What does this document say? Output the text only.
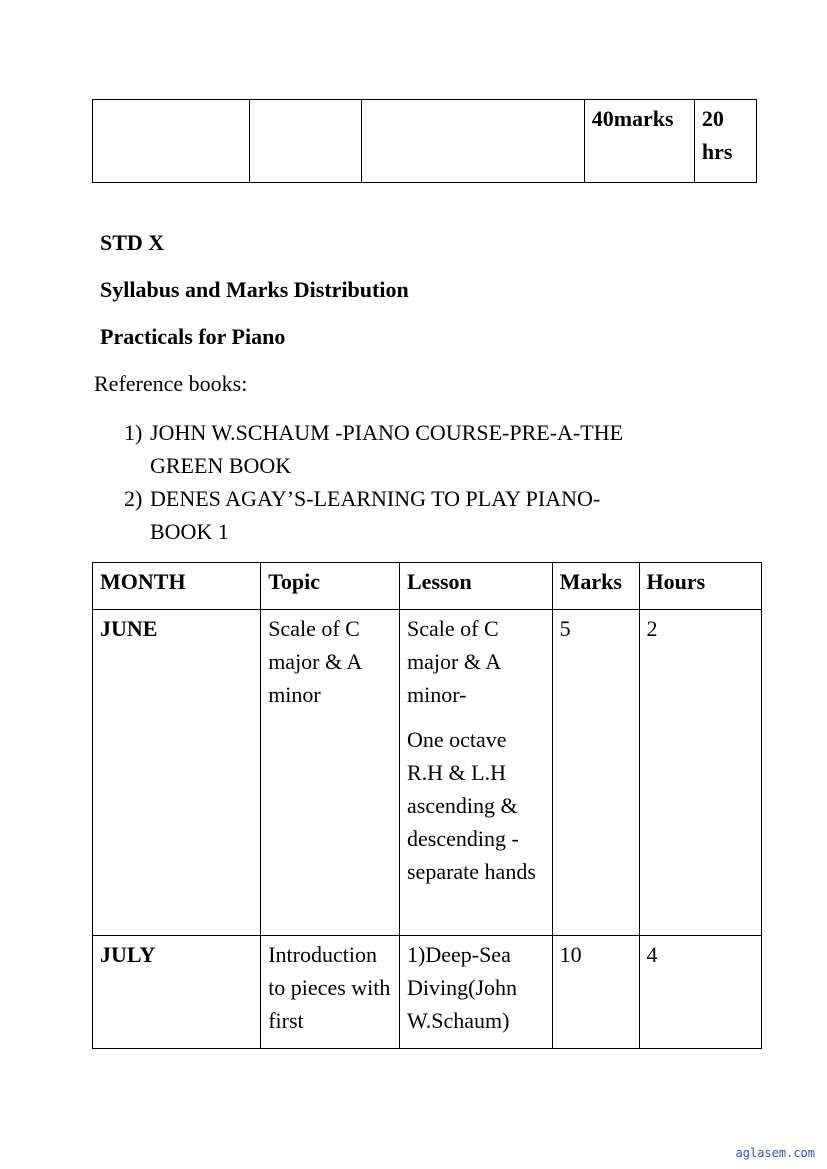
			40marks	20 hrs

STD X

Syllabus and Marks Distribution

Practicals for Piano

Reference books:

1) JOHN W.SCHAUM -PIANO COURSE-PRE-A-THE
GREEN BOOK
2) DENES AGAY’S-LEARNING TO PLAY PIANO-
BOOK 1
MONTH	Topic	Lesson	Marks	Hours
JUNE	Scale of C major & A minor	Scale of C major & A minor-

One octave R.H & L.H ascending & descending - separate hands	5	2
JULY	Introduction to pieces with first	1)Deep-Sea Diving(John W.Schaum)	10	4
aglasem.com
